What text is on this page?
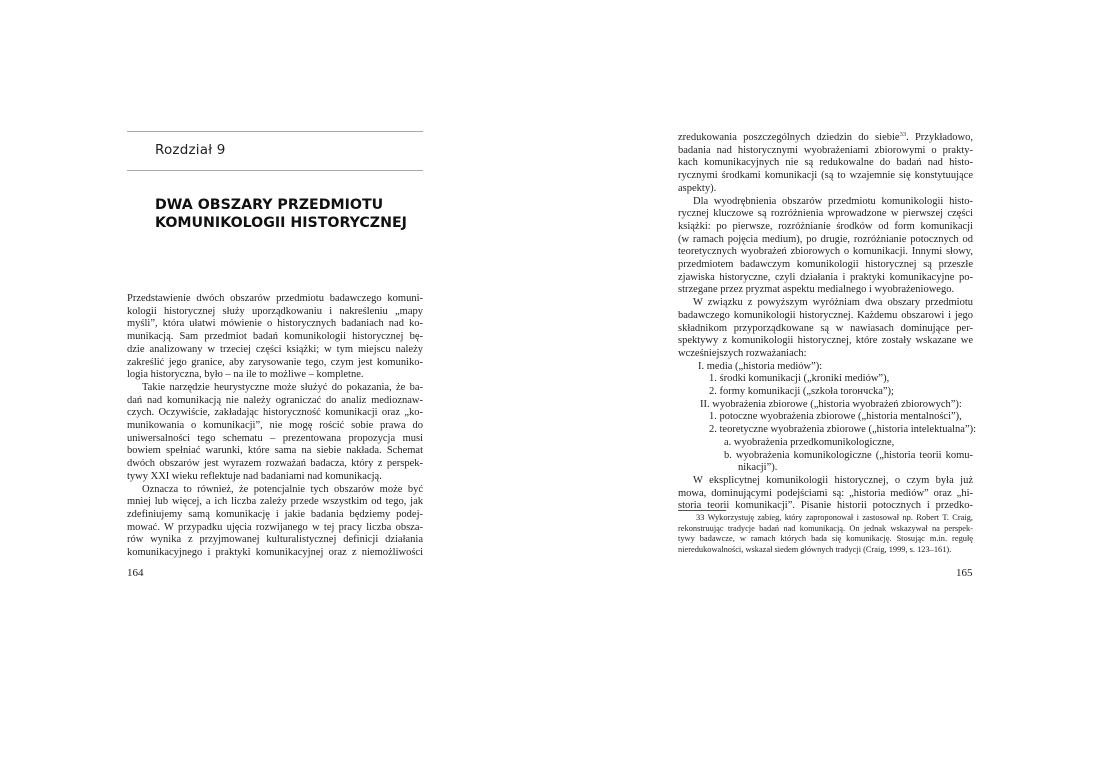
Rozdział 9
DWA OBSZARY PRZEDMIOTU
KOMUNIKOLOGII HISTORYCZNEJ
Przedstawienie dwóch obszarów przedmiotu badawczego komuni-
kologii historycznej służy uporządkowaniu i nakreśleniu „mapy
myśli”, która ułatwi mówienie o historycznych badaniach nad ko-
munikacją. Sam przedmiot badań komunikologii historycznej bę-
dzie analizowany w trzeciej części książki; w tym miejscu należy
zakreślić jego granice, aby zarysowanie tego, czym jest komuniko-
logia historyczna, było – na ile to możliwe – kompletne.
Takie narzędzie heurystyczne może służyć do pokazania, że ba-
dań nad komunikacją nie należy ograniczać do analiz medioznaw-
czych. Oczywiście, zakładając historyczność komunikacji oraz „ko-
munikowania o komunikacji”, nie mogę rościć sobie prawa do
uniwersalności tego schematu – prezentowana propozycja musi
bowiem spełniać warunki, które sama na siebie nakłada. Schemat
dwóch obszarów jest wyrazem rozważań badacza, który z perspek-
tywy XXI wieku reflektuje nad badaniami nad komunikacją.
Oznacza to również, że potencjalnie tych obszarów może być
mniej lub więcej, a ich liczba zależy przede wszystkim od tego, jak
zdefiniujemy samą komunikację i jakie badania będziemy podej-
mować. W przypadku ujęcia rozwijanego w tej pracy liczba obsza-
rów wynika z przyjmowanej kulturalistycznej definicji działania
komunikacyjnego i praktyki komunikacyjnej oraz z niemożliwości
164
zredukowania poszczególnych dziedzin do siebie$^{33}$. Przykładowo,
badania nad historycznymi wyobrażeniami zbiorowymi o prakty-
kach komunikacyjnych nie są redukowalne do badań nad histo-
rycznymi środkami komunikacji (są to wzajemnie się konstytuujące
aspekty).
Dla wyodrębnienia obszarów przedmiotu komunikologii histo-
rycznej kluczowe są rozróżnienia wprowadzone w pierwszej części
książki: po pierwsze, rozróżnianie środków od form komunikacji
(w ramach pojęcia medium), po drugie, rozróżnianie potocznych od
teoretycznych wyobrażeń zbiorowych o komunikacji. Innymi słowy,
przedmiotem badawczym komunikologii historycznej są przeszłe
zjawiska historyczne, czyli działania i praktyki komunikacyjne po-
strzegane przez pryzmat aspektu medialnego i wyobrażeniowego.
W związku z powyższym wyróżniam dwa obszary przedmiotu
badawczego komunikologii historycznej. Każdemu obszarowi i jego
składnikom przyporządkowane są w nawiasach dominujące per-
spektywy z komunikologii historycznej, które zostały wskazane we
wcześniejszych rozważaniach:
I. media („historia mediów”):
1. środki komunikacji („kroniki mediów”),
2. formy komunikacji („szkoła torончcka”);
II. wyobrażenia zbiorowe („historia wyobrażeń zbiorowych”):
1. potoczne wyobrażenia zbiorowe („historia mentalności”),
2. teoretyczne wyobrażenia zbiorowe („historia intelektualna”):
a. wyobrażenia przedkomunikologiczne,
b. wyobrażenia komunikologiczne („historia teorii komu-
nikacji”).
W eksplicytnej komunikologii historycznej, o czym była już
mowa, dominującymi podejściami są: „historia mediów” oraz „hi-
storia teorii komunikacji”. Pisanie historii potocznych i przedko-
33 Wykorzystuję zabieg, który zaproponował i zastosował np. Robert T. Craig,
rekonstruując tradycje badań nad komunikacją. On jednak wskazywał na perspek-
tywy badawcze, w ramach których bada się komunikację. Stosując m.in. regułę
nieredukowalności, wskazał siedem głównych tradycji (Craig, 1999, s. 123–161).
165
